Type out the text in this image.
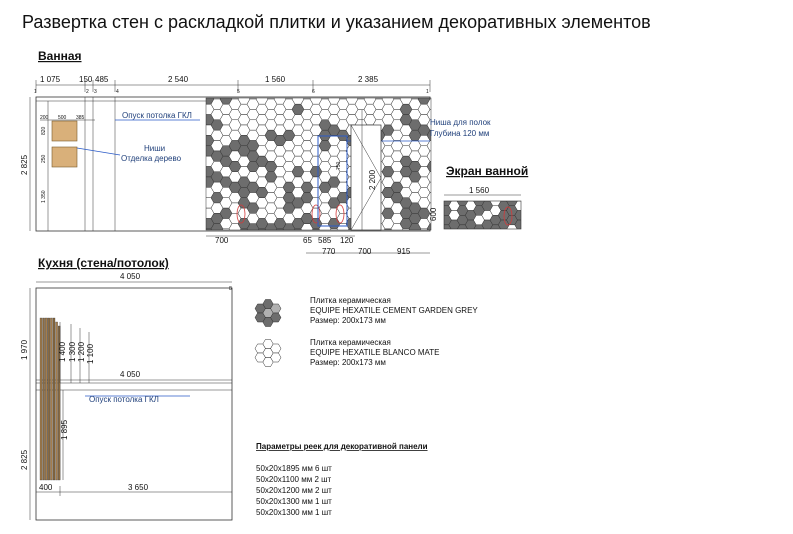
Развертка стен с раскладкой плитки и указанием декоративных элементов
Ванная
1 075 150 485	2 540	1 560	2 385
1	2 3	4	5	6	1
200 500 385
2 825
820
250
1 350
Опуск потолка ГКЛ
Ниши
Отделка дерево
Ниша для полок
Глубина 120 мм
750
2 200
700	65 585 120
770	700	915
Экран ванной
1 560
600
Кухня (стена/потолок)
4 050
8
4 050
Опуск потолка ГКЛ
1 970
2 825
1 400 1 300 1 200 1 100
1 895
400	3 650
Плитка керамическая
EQUIPE HEXATILE CEMENT GARDEN GREY
Размер: 200х173 мм
Плитка керамическая
EQUIPE HEXATILE BLANCO MATE
Размер: 200х173 мм
Параметры реек для декоративной панели
50х20х1895 мм 6 шт
50х20х1100 мм 2 шт
50х20х1200 мм 2 шт
50х20х1300 мм 1 шт
50х20х1300 мм 1 шт
